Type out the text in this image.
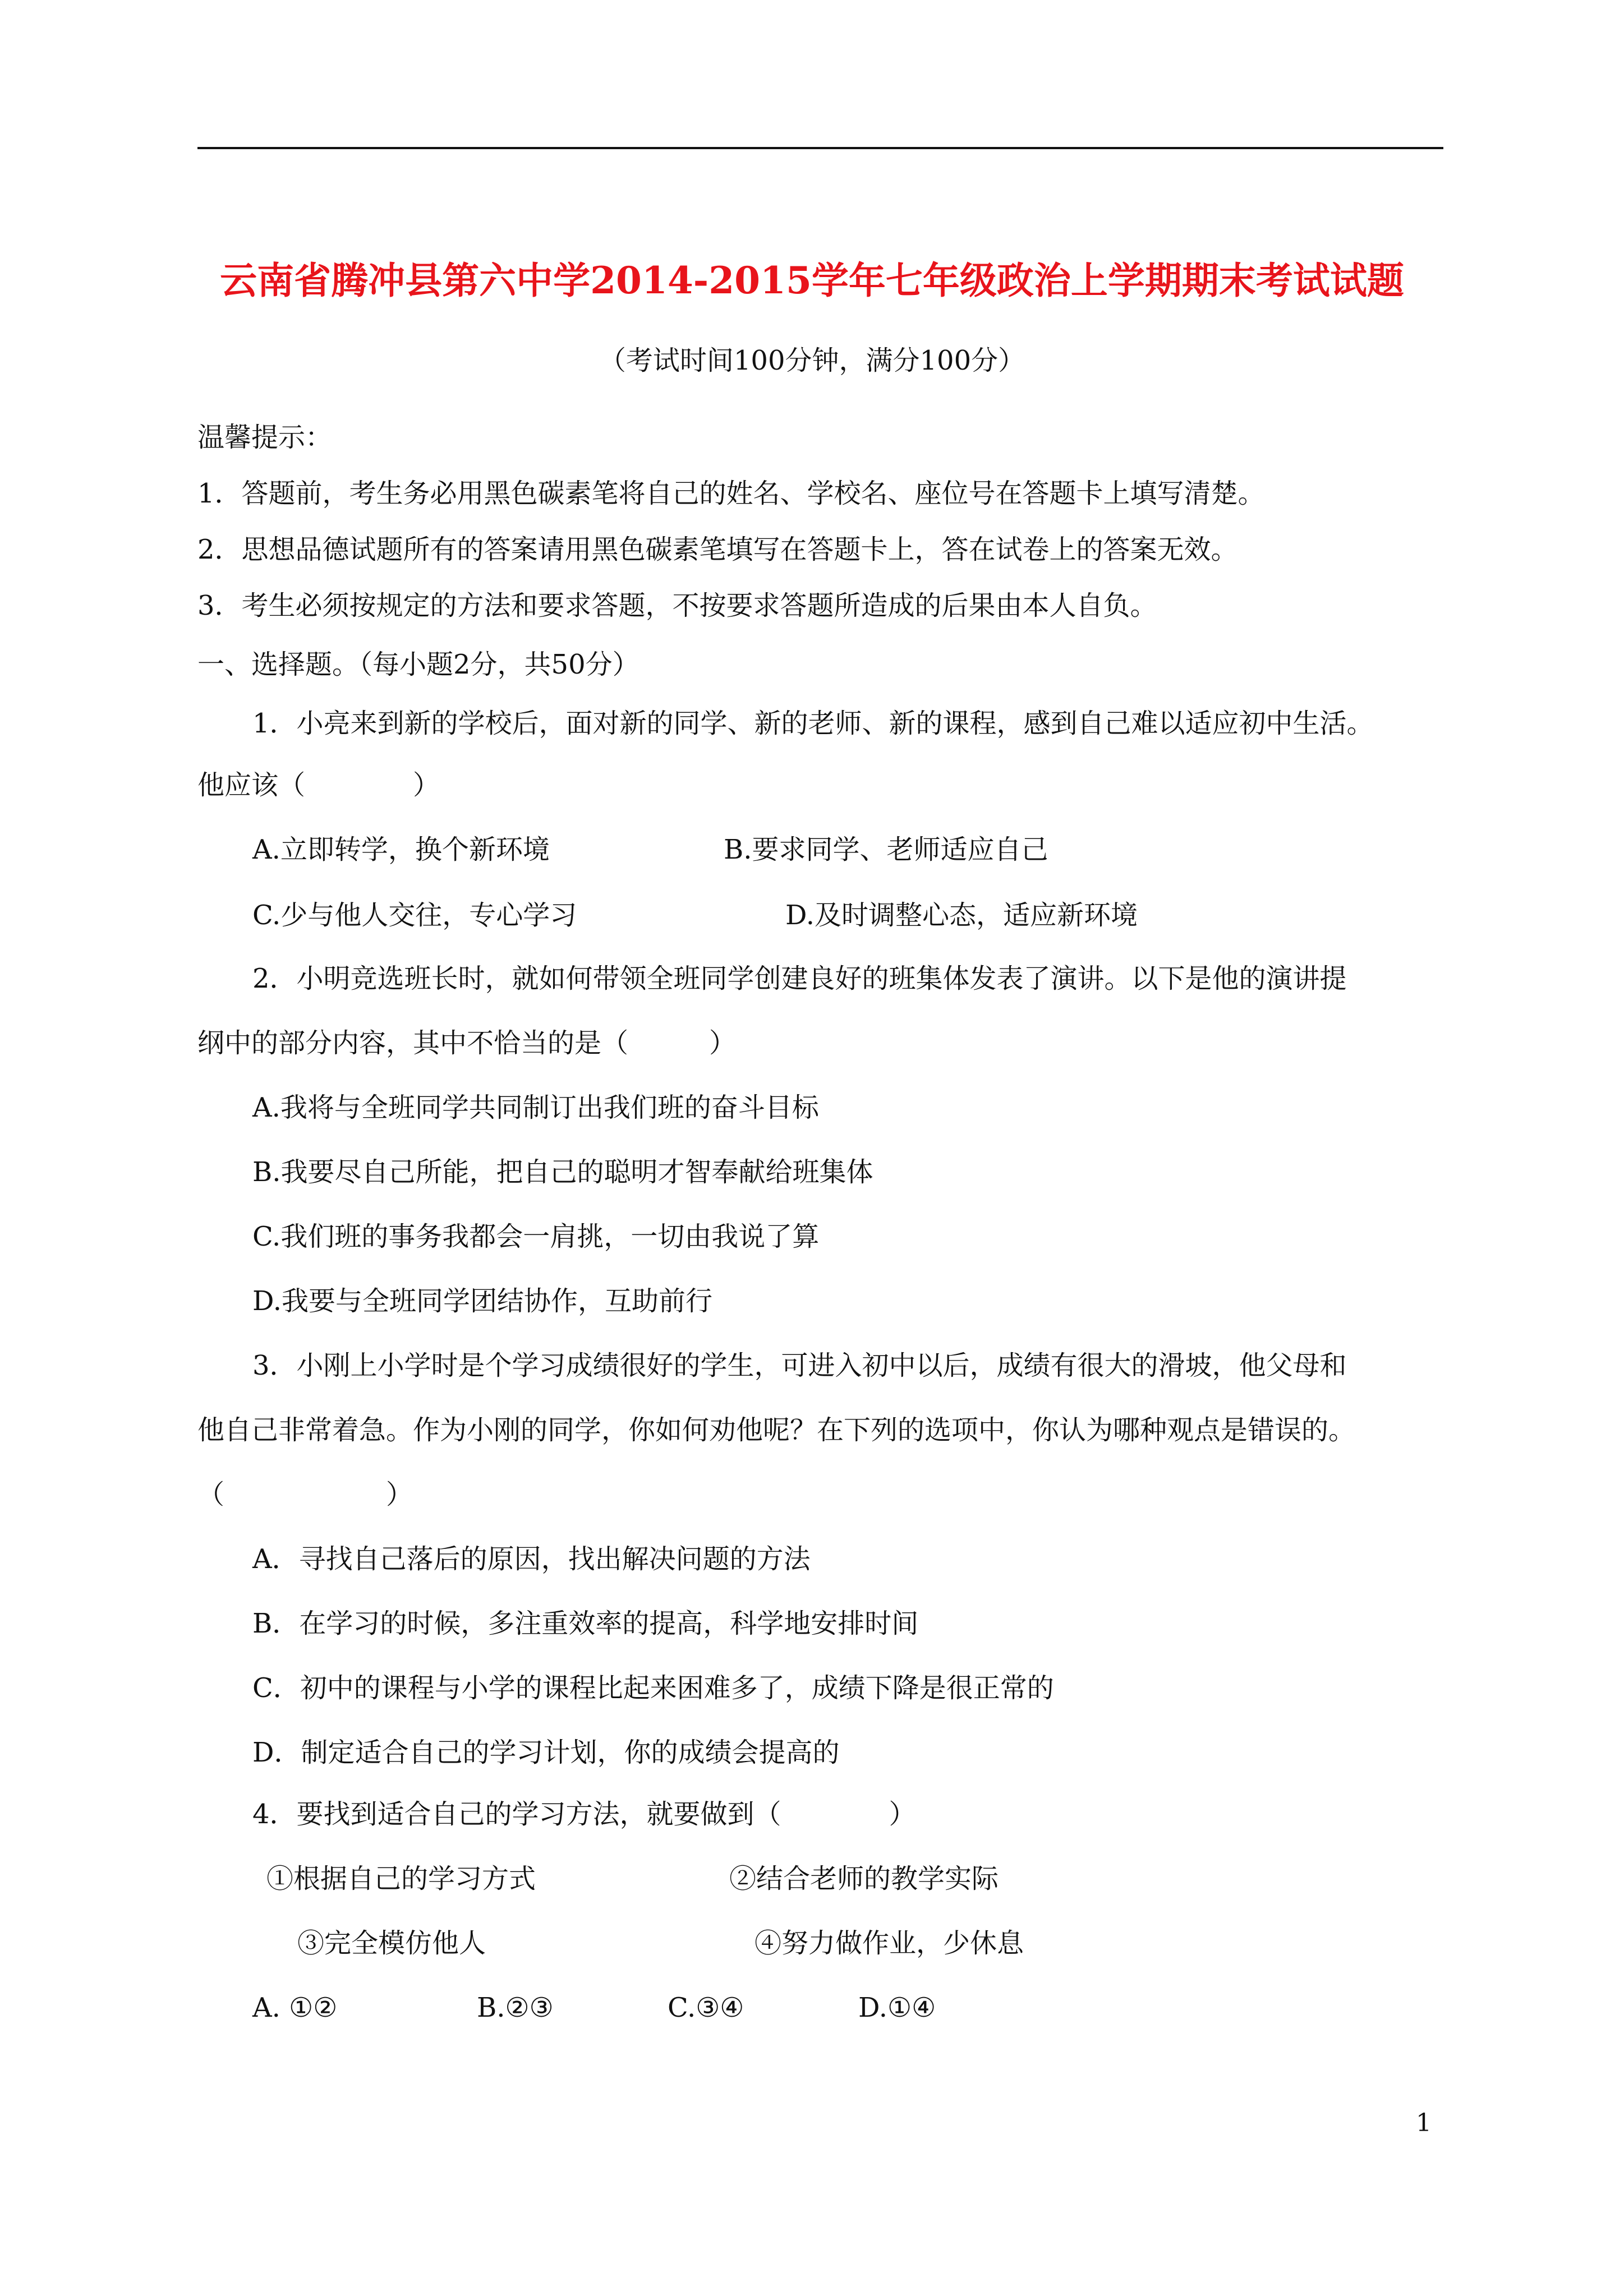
云南省腾冲县第六中学2014-2015学年七年级政治上学期期末考试试题
（考试时间100分钟，满分100分）
温馨提示：
1．答题前，考生务必用黑色碳素笔将自己的姓名、学校名、座位号在答题卡上填写清楚。
2．思想品德试题所有的答案请用黑色碳素笔填写在答题卡上，答在试卷上的答案无效。
3．考生必须按规定的方法和要求答题，不按要求答题所造成的后果由本人自负。
一、选择题。（每小题2分，共50分）
1．小亮来到新的学校后，面对新的同学、新的老师、新的课程，感到自己难以适应初中生活。
他应该（　　　　）
A.立即转学，换个新环境	B.要求同学、老师适应自己
C.少与他人交往，专心学习	D.及时调整心态，适应新环境
2．小明竞选班长时，就如何带领全班同学创建良好的班集体发表了演讲。以下是他的演讲提
纲中的部分内容，其中不恰当的是（　　　）
A.我将与全班同学共同制订出我们班的奋斗目标
B.我要尽自己所能，把自己的聪明才智奉献给班集体
C.我们班的事务我都会一肩挑，一切由我说了算
D.我要与全班同学团结协作，互助前行
3．小刚上小学时是个学习成绩很好的学生，可进入初中以后，成绩有很大的滑坡，他父母和
他自己非常着急。作为小刚的同学，你如何劝他呢？在下列的选项中，你认为哪种观点是错误的。
（　　　　　　）
A．寻找自己落后的原因，找出解决问题的方法
B．在学习的时候，多注重效率的提高，科学地安排时间
C．初中的课程与小学的课程比起来困难多了，成绩下降是很正常的
D．制定适合自己的学习计划，你的成绩会提高的
4．要找到适合自己的学习方法，就要做到（　　　　）
①根据自己的学习方式	②结合老师的教学实际
③完全模仿他人	④努力做作业，少休息
A. ①②	B.②③	C.③④	D.①④
1
